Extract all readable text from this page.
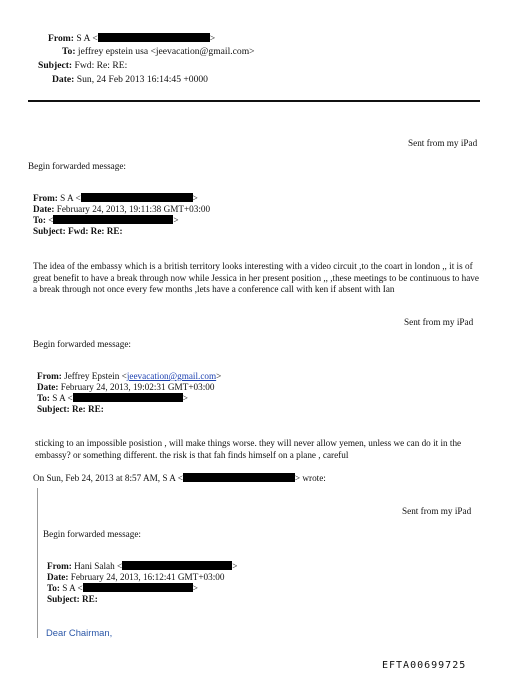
From: S A <	>
To: jeffrey epstein usa <jeevacation@gmail.com>
Subject: Fwd: Re: RE:
Date: Sun, 24 Feb 2013 16:14:45 +0000
Sent from my iPad
Begin forwarded message:
From: S A <	>
Date: February 24, 2013, 19:11:38 GMT+03:00
To: <	>
Subject: Fwd: Re: RE:
The idea of the embassy which is a british territory looks interesting with a video circuit ,to the coart in london ,, it is of great benefit to have a break through now while Jessica in her present position ,, ,these meetings to be continuous to have a break through not once every few months ,lets have a conference call with ken if absent with Ian
Sent from my iPad
Begin forwarded message:
From: Jeffrey Epstein <jeevacation@gmail.com>
Date: February 24, 2013, 19:02:31 GMT+03:00
To: S A <	>
Subject: Re: RE:
sticking to an impossible posistion , will make things worse. they will never allow yemen, unless we can do it in the embassy? or something different. the risk is that fah finds himself on a plane , careful
On Sun, Feb 24, 2013 at 8:57 AM, S A <	> wrote:
Sent from my iPad
Begin forwarded message:
From: Hani Salah <	>
Date: February 24, 2013, 16:12:41 GMT+03:00
To: S A <	>
Subject: RE:
Dear Chairman,
EFTA00699725
